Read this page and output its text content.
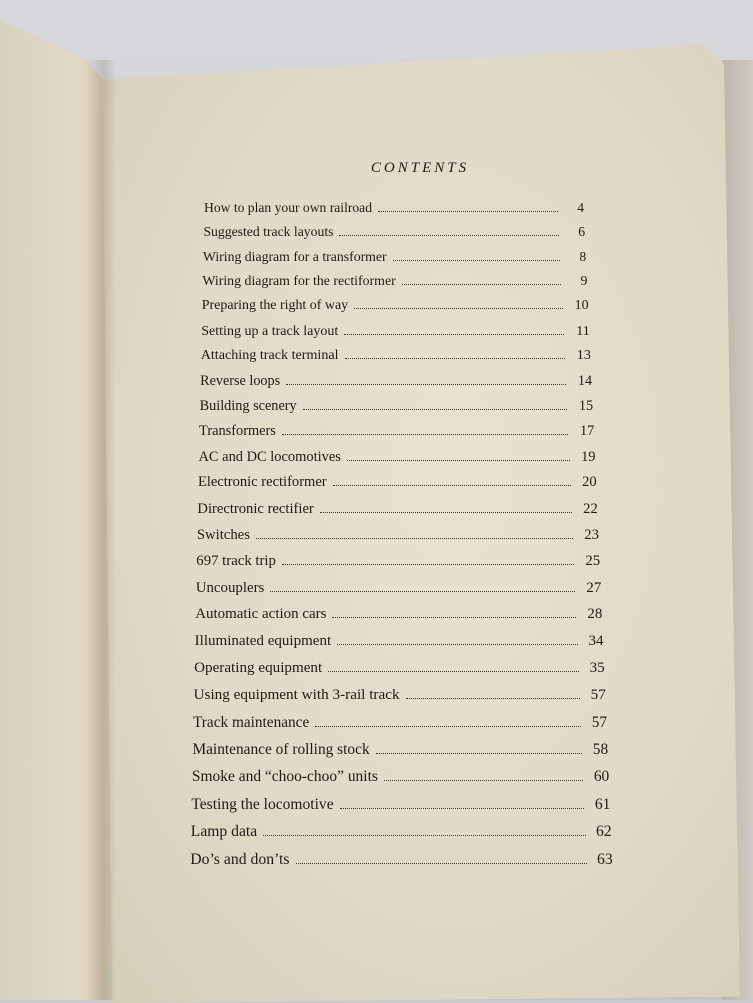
CONTENTS
How to plan your own railroad	4
Suggested track layouts	6
Wiring diagram for a transformer	8
Wiring diagram for the rectiformer	9
Preparing the right of way	10
Setting up a track layout	11
Attaching track terminal	13
Reverse loops	14
Building scenery	15
Transformers	17
AC and DC locomotives	19
Electronic rectiformer	20
Directronic rectifier	22
Switches	23
697 track trip	25
Uncouplers	27
Automatic action cars	28
Illuminated equipment	34
Operating equipment	35
Using equipment with 3-rail track	57
Track maintenance	57
Maintenance of rolling stock	58
Smoke and “choo-choo” units	60
Testing the locomotive	61
Lamp data	62
Do’s and don’ts	63
